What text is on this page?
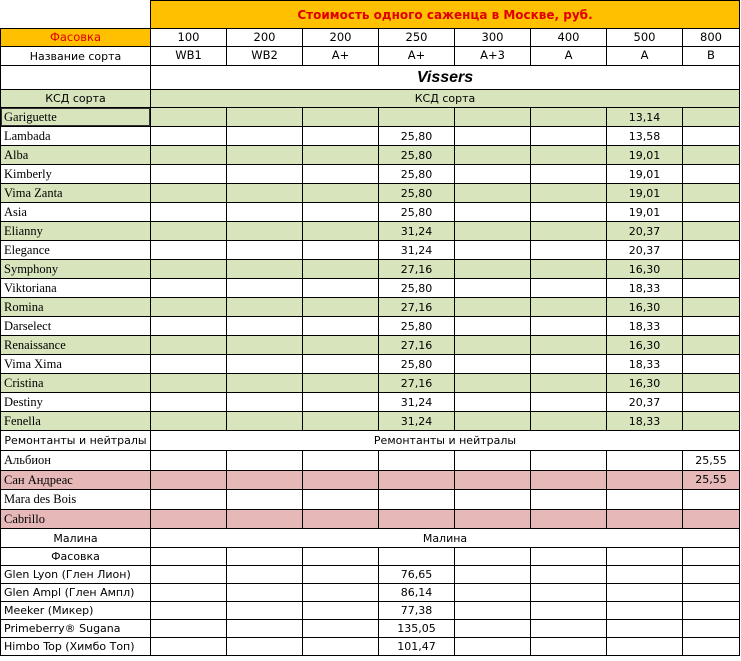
	Стоимость одного саженца в Москве, руб.							
Фасовка	100	200	200	250	300	400	500	800
Название сорта	WB1	WB2	A+	A+	A+3	A	A	B
	Vissers							
КСД сорта	КСД сорта							
Gariguette							13,14	
Lambada				25,80			13,58	
Alba				25,80			19,01	
Kimberly				25,80			19,01	
Vima Zanta				25,80			19,01	
Asia				25,80			19,01	
Elianny				31,24			20,37	
Elegance				31,24			20,37	
Symphony				27,16			16,30	
Viktoriana				25,80			18,33	
Romina				27,16			16,30	
Darselect				25,80			18,33	
Renaissance				27,16			16,30	
Vima Xima				25,80			18,33	
Cristina				27,16			16,30	
Destiny				31,24			20,37	
Fenella				31,24			18,33	
Ремонтанты и нейтралы	Ремонтанты и нейтралы							
Альбион								25,55
Сан Андреас								25,55
Mara des Bois								
Cabrillo								
Малина	Малина							
Фасовка								
Glen Lyon (Глен Лион)				76,65				
Glen Ampl (Глен Ампл)				86,14				
Meeker (Микер)				77,38				
Primeberry® Sugana				135,05				
Himbo Top (Химбо Топ)				101,47				
